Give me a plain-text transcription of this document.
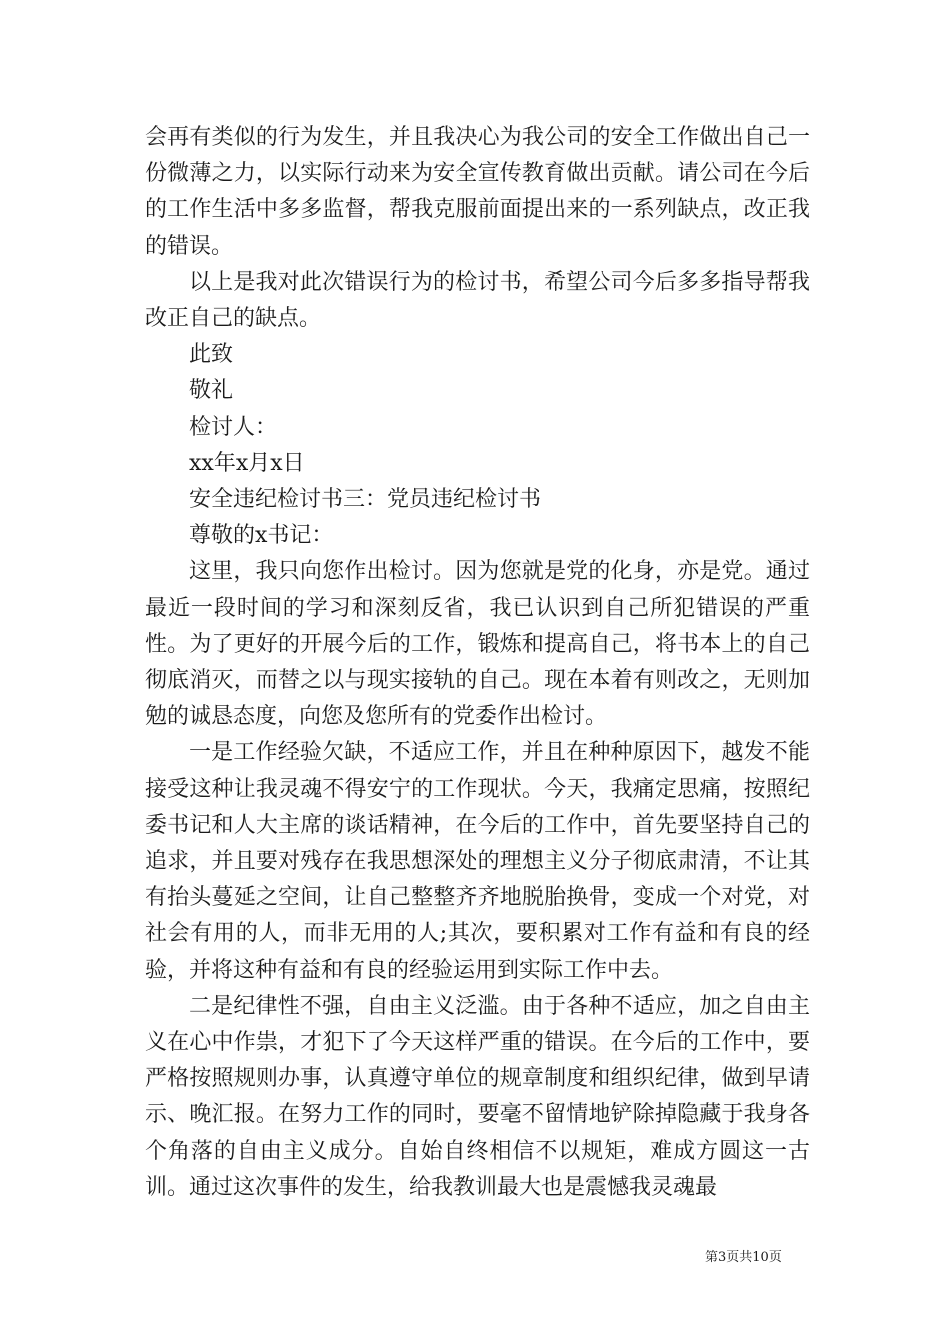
会再有类似的行为发生，并且我决心为我公司的安全工作做出自己一份微薄之力，以实际行动来为安全宣传教育做出贡献。请公司在今后的工作生活中多多监督，帮我克服前面提出来的一系列缺点，改正我的错误。

以上是我对此次错误行为的检讨书，希望公司今后多多指导帮我改正自己的缺点。

此致

敬礼

检讨人：

xx年x月x日

安全违纪检讨书三：党员违纪检讨书

尊敬的x书记：

这里，我只向您作出检讨。因为您就是党的化身，亦是党。通过最近一段时间的学习和深刻反省，我已认识到自己所犯错误的严重性。为了更好的开展今后的工作，锻炼和提高自己，将书本上的自己彻底消灭，而替之以与现实接轨的自己。现在本着有则改之，无则加勉的诚恳态度，向您及您所有的党委作出检讨。

一是工作经验欠缺，不适应工作，并且在种种原因下，越发不能接受这种让我灵魂不得安宁的工作现状。今天，我痛定思痛，按照纪委书记和人大主席的谈话精神，在今后的工作中，首先要坚持自己的追求，并且要对残存在我思想深处的理想主义分子彻底肃清，不让其有抬头蔓延之空间，让自己整整齐齐地脱胎换骨，变成一个对党，对社会有用的人，而非无用的人;其次，要积累对工作有益和有良的经验，并将这种有益和有良的经验运用到实际工作中去。

二是纪律性不强，自由主义泛滥。由于各种不适应，加之自由主义在心中作祟，才犯下了今天这样严重的错误。在今后的工作中，要严格按照规则办事，认真遵守单位的规章制度和组织纪律，做到早请示、晚汇报。在努力工作的同时，要毫不留情地铲除掉隐藏于我身各个角落的自由主义成分。自始自终相信不以规矩，难成方圆这一古训。通过这次事件的发生，给我教训最大也是震憾我灵魂最

第3页共10页
